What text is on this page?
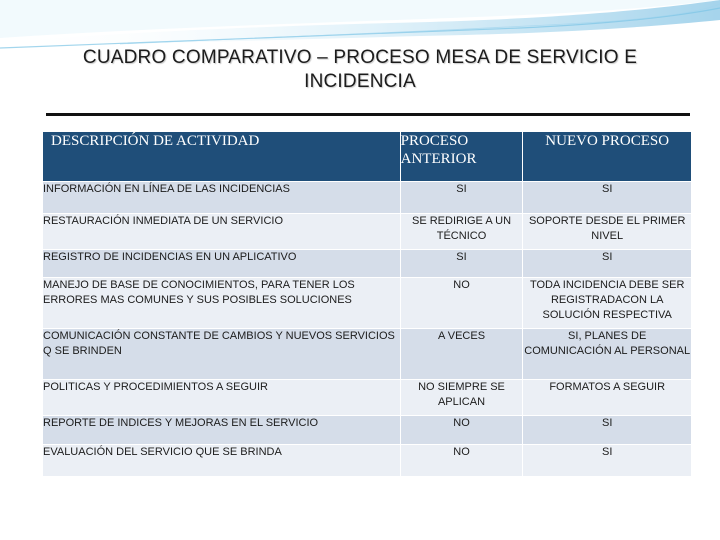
CUADRO COMPARATIVO – PROCESO MESA DE SERVICIO E INCIDENCIA
DESCRIPCIÓN DE ACTIVIDAD	PROCESO ANTERIOR	NUEVO PROCESO
INFORMACIÓN EN LÍNEA DE LAS INCIDENCIAS	SI	SI
RESTAURACIÓN INMEDIATA DE UN SERVICIO	SE REDIRIGE A UN TÉCNICO	SOPORTE DESDE EL PRIMER NIVEL
REGISTRO DE INCIDENCIAS EN UN APLICATIVO	SI	SI
MANEJO DE BASE DE CONOCIMIENTOS, PARA TENER LOS ERRORES MAS COMUNES Y SUS POSIBLES SOLUCIONES	NO	TODA INCIDENCIA DEBE SER REGISTRADACON LA SOLUCIÓN RESPECTIVA
COMUNICACIÓN CONSTANTE DE CAMBIOS Y NUEVOS SERVICIOS Q SE BRINDEN	A VECES	SI, PLANES DE COMUNICACIÓN AL PERSONAL
POLITICAS Y PROCEDIMIENTOS A SEGUIR	NO SIEMPRE SE APLICAN	FORMATOS A SEGUIR
REPORTE DE INDICES Y MEJORAS EN EL SERVICIO	NO	SI
EVALUACIÓN DEL SERVICIO QUE SE BRINDA	NO	SI
